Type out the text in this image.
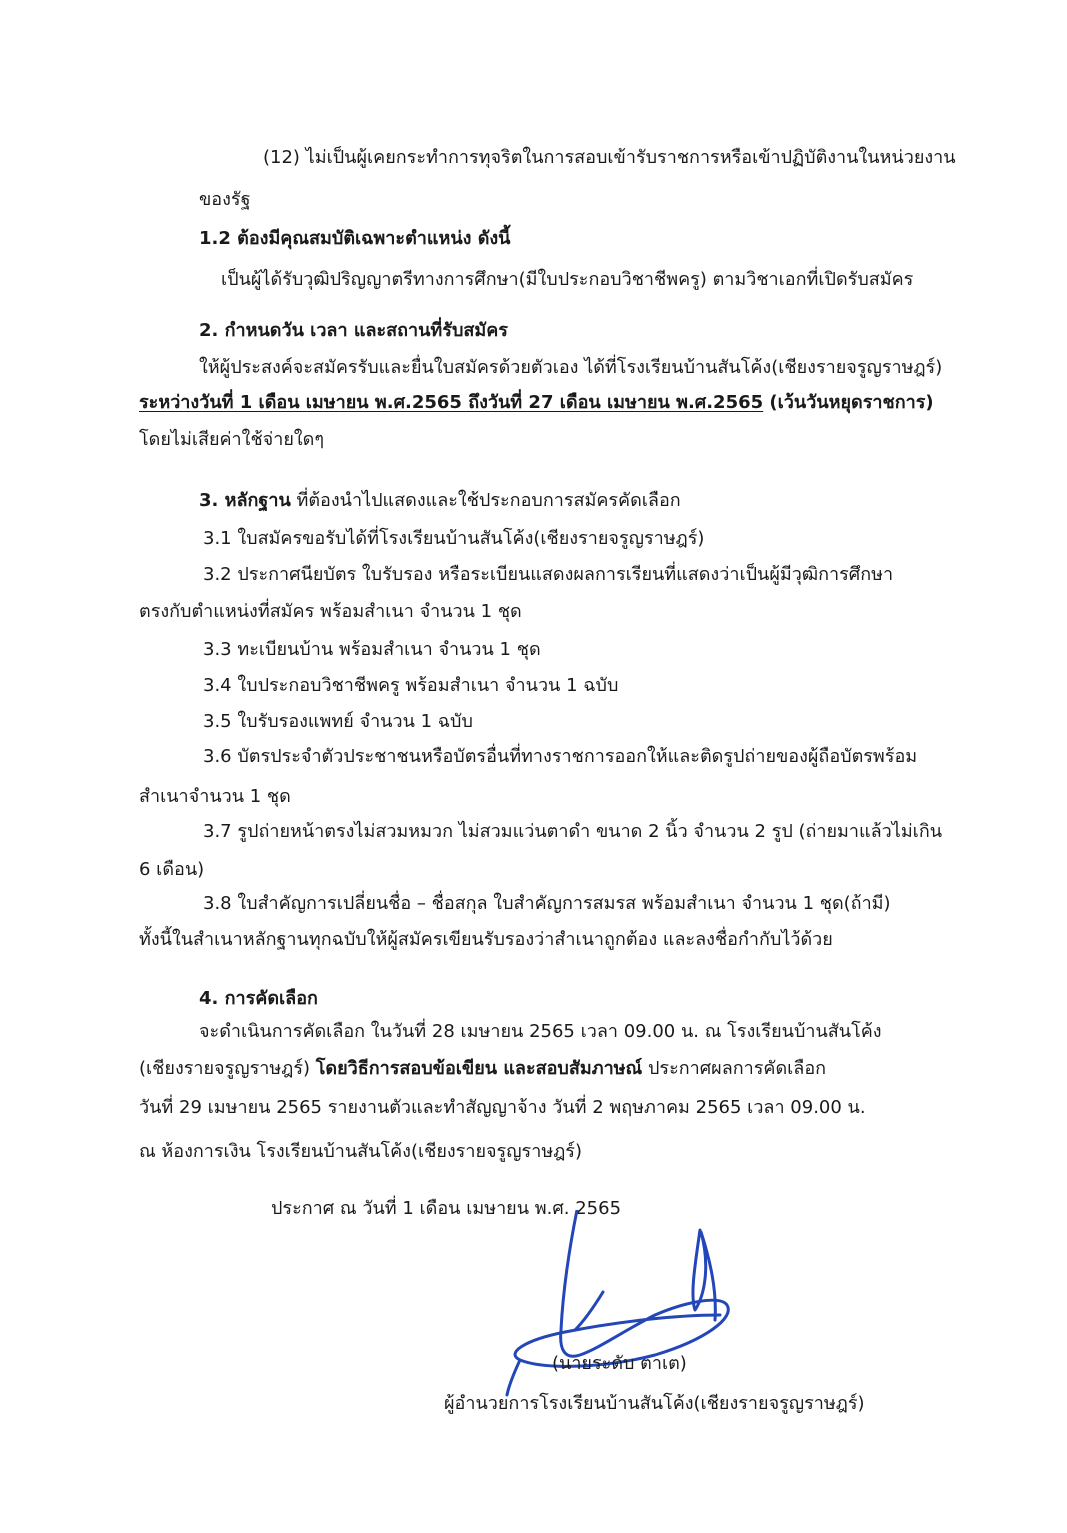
(12) ไม่เป็นผู้เคยกระทำการทุจริตในการสอบเข้ารับราชการหรือเข้าปฏิบัติงานในหน่วยงาน
ของรัฐ
1.2 ต้องมีคุณสมบัติเฉพาะตำแหน่ง ดังนี้
เป็นผู้ได้รับวุฒิปริญญาตรีทางการศึกษา(มีใบประกอบวิชาชีพครู) ตามวิชาเอกที่เปิดรับสมัคร
2. กำหนดวัน เวลา และสถานที่รับสมัคร
ให้ผู้ประสงค์จะสมัครรับและยื่นใบสมัครด้วยตัวเอง ได้ที่โรงเรียนบ้านสันโค้ง(เชียงรายจรูญราษฎร์)
ระหว่างวันที่ 1 เดือน เมษายน พ.ศ.2565 ถึงวันที่ 27 เดือน เมษายน พ.ศ.2565 (เว้นวันหยุดราชการ)
โดยไม่เสียค่าใช้จ่ายใดๆ
3. หลักฐาน ที่ต้องนำไปแสดงและใช้ประกอบการสมัครคัดเลือก
3.1 ใบสมัครขอรับได้ที่โรงเรียนบ้านสันโค้ง(เชียงรายจรูญราษฎร์)
3.2 ประกาศนียบัตร ใบรับรอง หรือระเบียนแสดงผลการเรียนที่แสดงว่าเป็นผู้มีวุฒิการศึกษา
ตรงกับตำแหน่งที่สมัคร พร้อมสำเนา จำนวน 1 ชุด
3.3 ทะเบียนบ้าน พร้อมสำเนา จำนวน 1 ชุด
3.4 ใบประกอบวิชาชีพครู พร้อมสำเนา จำนวน 1 ฉบับ
3.5 ใบรับรองแพทย์ จำนวน 1 ฉบับ
3.6 บัตรประจำตัวประชาชนหรือบัตรอื่นที่ทางราชการออกให้และติดรูปถ่ายของผู้ถือบัตรพร้อม
สำเนาจำนวน 1 ชุด
3.7 รูปถ่ายหน้าตรงไม่สวมหมวก ไม่สวมแว่นตาดำ ขนาด 2 นิ้ว จำนวน 2 รูป (ถ่ายมาแล้วไม่เกิน
6 เดือน)
3.8 ใบสำคัญการเปลี่ยนชื่อ – ชื่อสกุล ใบสำคัญการสมรส พร้อมสำเนา จำนวน 1 ชุด(ถ้ามี)
ทั้งนี้ในสำเนาหลักฐานทุกฉบับให้ผู้สมัครเขียนรับรองว่าสำเนาถูกต้อง และลงชื่อกำกับไว้ด้วย
4. การคัดเลือก
จะดำเนินการคัดเลือก ในวันที่ 28 เมษายน 2565 เวลา 09.00 น. ณ โรงเรียนบ้านสันโค้ง
(เชียงรายจรูญราษฎร์) โดยวิธีการสอบข้อเขียน และสอบสัมภาษณ์ ประกาศผลการคัดเลือก
วันที่ 29 เมษายน 2565 รายงานตัวและทำสัญญาจ้าง วันที่ 2 พฤษภาคม 2565 เวลา 09.00 น.
ณ ห้องการเงิน โรงเรียนบ้านสันโค้ง(เชียงรายจรูญราษฎร์)
ประกาศ ณ วันที่ 1 เดือน เมษายน พ.ศ. 2565
(นายระดับ ตาเต)
ผู้อำนวยการโรงเรียนบ้านสันโค้ง(เชียงรายจรูญราษฎร์)
